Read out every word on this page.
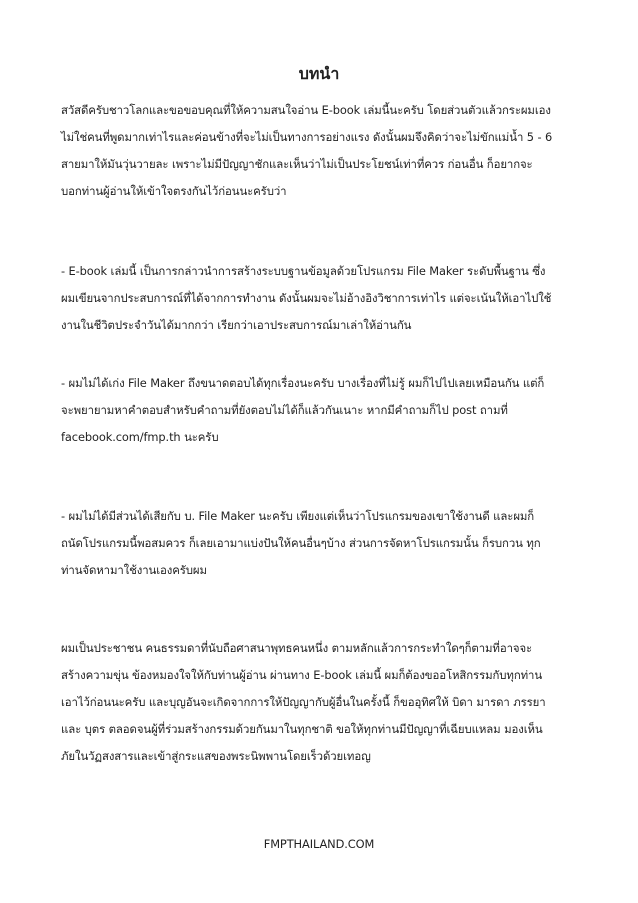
บทนำ
สวัสดีครับชาวโลกและขอขอบคุณที่ให้ความสนใจอ่าน E-book เล่มนี้นะครับ โดยส่วนตัวแล้วกระผมเอง
ไม่ใช่คนที่พูดมากเท่าไรและค่อนข้างที่จะไม่เป็นทางการอย่างแรง ดังนั้นผมจึงคิดว่าจะไม่ขักแม่น้ำ 5 - 6
สายมาให้มันวุ่นวายละ เพราะไม่มีปัญญาชักและเห็นว่าไม่เป็นประโยชน์เท่าที่ควร ก่อนอื่น ก็อยากจะ
บอกท่านผู้อ่านให้เข้าใจตรงกันไว้ก่อนนะครับว่า
- E-book เล่มนี้ เป็นการกล่าวนำการสร้างระบบฐานข้อมูลด้วยโปรแกรม File Maker ระดับพื้นฐาน ซึ่ง
ผมเขียนจากประสบการณ์ที่ได้จากการทำงาน ดังนั้นผมจะไม่อ้างอิงวิชาการเท่าไร แต่จะเน้นให้เอาไปใช้
งานในชีวิตประจำวันได้มากกว่า เรียกว่าเอาประสบการณ์มาเล่าให้อ่านกัน
- ผมไม่ได้เก่ง File Maker ถึงขนาดตอบได้ทุกเรื่องนะครับ บางเรื่องที่ไม่รู้ ผมก็ไปไปเลยเหมือนกัน แต่ก็
จะพยายามหาคำตอบสำหรับคำถามที่ยังตอบไม่ได้ก็แล้วกันเนาะ หากมีคำถามก็ไป post ถามที่
facebook.com/fmp.th นะครับ
- ผมไม่ได้มีส่วนได้เสียกับ บ. File Maker นะครับ เพียงแต่เห็นว่าโปรแกรมของเขาใช้งานดี และผมก็
ถนัดโปรแกรมนี้พอสมควร ก็เลยเอามาแบ่งปันให้คนอื่นๆบ้าง ส่วนการจัดหาโปรแกรมนั้น ก็รบกวน ทุก
ท่านจัดหามาใช้งานเองครับผม
ผมเป็นประชาชน คนธรรมดาที่นับถือศาสนาพุทธคนหนึ่ง ตามหลักแล้วการกระทำใดๆก็ตามที่อาจจะ
สร้างความขุ่น ข้องหมองใจให้กับท่านผู้อ่าน ผ่านทาง E-book เล่มนี้ ผมก็ต้องขออโหสิกรรมกับทุกท่าน
เอาไว้ก่อนนะครับ และบุญอันจะเกิดจากการให้ปัญญากับผู้อื่นในครั้งนี้ ก็ขออุทิศให้ บิดา มารดา ภรรยา
และ บุตร ตลอดจนผู้ที่ร่วมสร้างกรรมด้วยกันมาในทุกชาติ ขอให้ทุกท่านมีปัญญาที่เฉียบแหลม มองเห็น
ภัยในวัฏสงสารและเข้าสู่กระแสของพระนิพพานโดยเร็วด้วยเทอญ
FMPTHAILAND.COM
